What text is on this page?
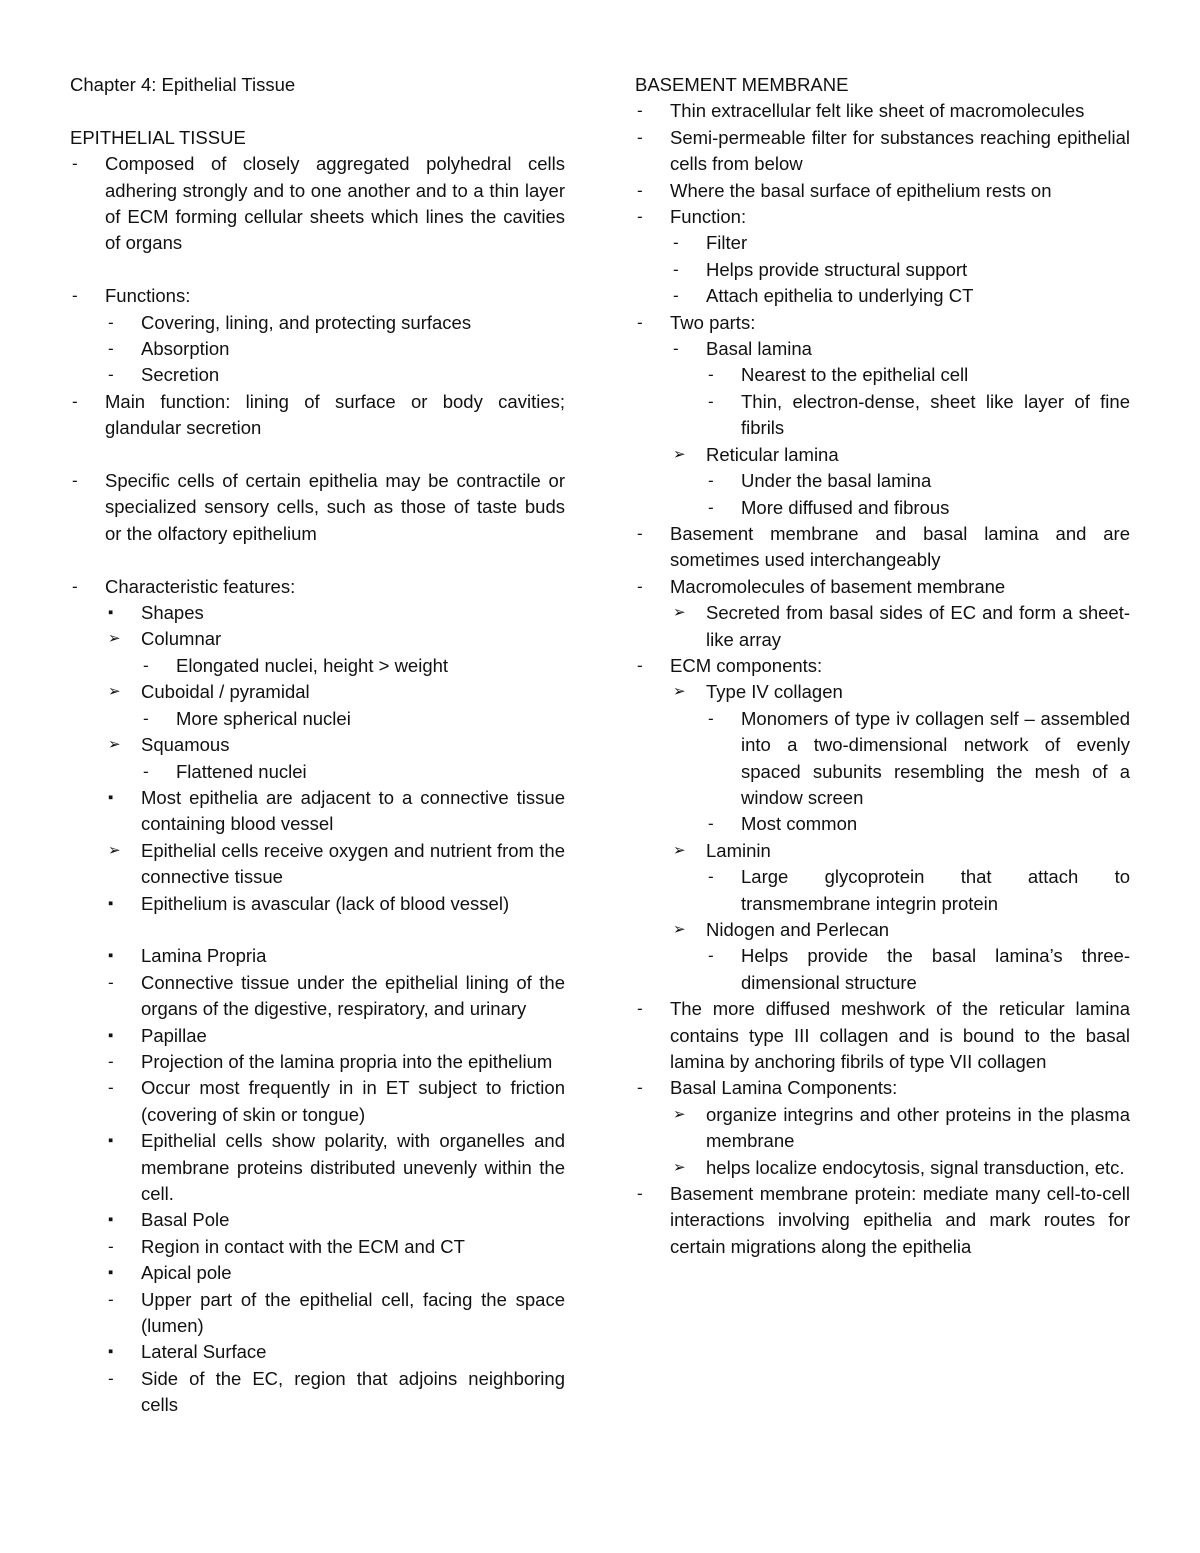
Chapter 4: Epithelial Tissue
EPITHELIAL TISSUE
- Composed of closely aggregated polyhedral cells adhering strongly and to one another and to a thin layer of ECM forming cellular sheets which lines the cavities of organs
- Functions:
- Covering, lining, and protecting surfaces
- Absorption
- Secretion
- Main function: lining of surface or body cavities; glandular secretion
- Specific cells of certain epithelia may be contractile or specialized sensory cells, such as those of taste buds or the olfactory epithelium
- Characteristic features:
▪ Shapes
➢ Columnar
- Elongated nuclei, height > weight
➢ Cuboidal / pyramidal
- More spherical nuclei
➢ Squamous
- Flattened nuclei
▪ Most epithelia are adjacent to a connective tissue containing blood vessel
➢ Epithelial cells receive oxygen and nutrient from the connective tissue
▪ Epithelium is avascular (lack of blood vessel)
▪ Lamina Propria
- Connective tissue under the epithelial lining of the organs of the digestive, respiratory, and urinary
▪ Papillae
- Projection of the lamina propria into the epithelium
- Occur most frequently in in ET subject to friction (covering of skin or tongue)
▪ Epithelial cells show polarity, with organelles and membrane proteins distributed unevenly within the cell.
▪ Basal Pole
- Region in contact with the ECM and CT
▪ Apical pole
- Upper part of the epithelial cell, facing the space (lumen)
▪ Lateral Surface
- Side of the EC, region that adjoins neighboring cells
BASEMENT MEMBRANE
- Thin extracellular felt like sheet of macromolecules
- Semi-permeable filter for substances reaching epithelial cells from below
- Where the basal surface of epithelium rests on
- Function:
- Filter
- Helps provide structural support
- Attach epithelia to underlying CT
- Two parts:
- Basal lamina
- Nearest to the epithelial cell
- Thin, electron-dense, sheet like layer of fine fibrils
➢ Reticular lamina
- Under the basal lamina
- More diffused and fibrous
- Basement membrane and basal lamina and are sometimes used interchangeably
- Macromolecules of basement membrane
➢ Secreted from basal sides of EC and form a sheet-like array
- ECM components:
➢ Type IV collagen
- Monomers of type iv collagen self – assembled into a two-dimensional network of evenly spaced subunits resembling the mesh of a window screen
- Most common
➢ Laminin
- Large glycoprotein that attach to transmembrane integrin protein
➢ Nidogen and Perlecan
- Helps provide the basal lamina’s three-dimensional structure
- The more diffused meshwork of the reticular lamina contains type III collagen and is bound to the basal lamina by anchoring fibrils of type VII collagen
- Basal Lamina Components:
➢ organize integrins and other proteins in the plasma membrane
➢ helps localize endocytosis, signal transduction, etc.
- Basement membrane protein: mediate many cell-to-cell interactions involving epithelia and mark routes for certain migrations along the epithelia
